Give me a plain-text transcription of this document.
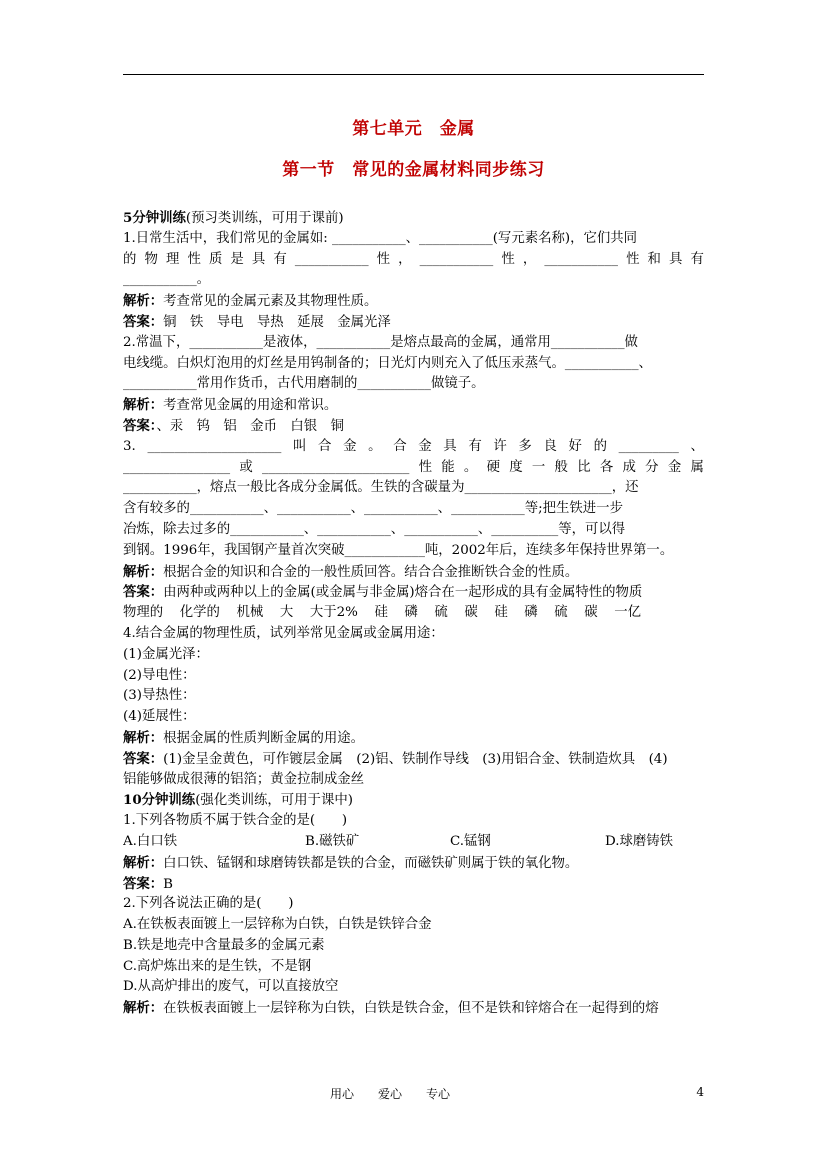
第七单元　金属
第一节　常见的金属材料同步练习
5分钟训练(预习类训练，可用于课前)
1.日常生活中，我们常见的金属如: ___________、___________(写元素名称)，它们共同
的 物 理 性 质 是 具 有 ___________ 性 ， ___________ 性 ， ___________ 性 和 具 有
___________。
解析：考查常见的金属元素及其物理性质。
答案：铜　铁　导电　导热　延展　金属光泽
2.常温下，___________是液体，___________是熔点最高的金属，通常用___________做
电线缆。白炽灯泡用的灯丝是用钨制备的；日光灯内则充入了低压汞蒸气。___________、
___________常用作货币，古代用磨制的___________做镜子。
解析：考查常见金属的用途和常识。
答案：、汞　钨　铝　金币　白银　铜
3. ____________________ 叫 合 金 。 合 金 具 有 许 多 良 好 的 _________ 、
________________ 或 ______________________ 性 能 。 硬 度 一 般 比 各 成 分 金 属
___________，熔点一般比各成分金属低。生铁的含碳量为______________________，还
含有较多的___________、___________、___________、___________等;把生铁进一步
冶炼，除去过多的___________、___________、___________、__________等，可以得
到钢。1996年，我国钢产量首次突破____________吨，2002年后，连续多年保持世界第一。
解析：根据合金的知识和合金的一般性质回答。结合合金推断铁合金的性质。
答案：由两种或两种以上的金属(或金属与非金属)熔合在一起形成的具有金属特性的物质
物理的 化学的 机械 大 大于2% 硅 磷 硫 碳 硅 磷 硫 碳 一亿
4.结合金属的物理性质，试列举常见金属或金属用途：
(1)金属光泽：
(2)导电性：
(3)导热性：
(4)延展性：
解析：根据金属的性质判断金属的用途。
答案：(1)金呈金黄色，可作镀层金属　(2)铝、铁制作导线　(3)用铝合金、铁制造炊具　(4)
铝能够做成很薄的铝箔；黄金拉制成金丝
10分钟训练(强化类训练，可用于课中)
1.下列各物质不属于铁合金的是(　　)
A.白口铁	B.磁铁矿	C.锰钢	D.球磨铸铁
解析：白口铁、锰钢和球磨铸铁都是铁的合金，而磁铁矿则属于铁的氧化物。
答案：B
2.下列各说法正确的是(　　)
A.在铁板表面镀上一层锌称为白铁，白铁是铁锌合金
B.铁是地壳中含量最多的金属元素
C.高炉炼出来的是生铁，不是钢
D.从高炉排出的废气，可以直接放空
解析：在铁板表面镀上一层锌称为白铁，白铁是铁合金，但不是铁和锌熔合在一起得到的熔
用心　　爱心　　专心	4
